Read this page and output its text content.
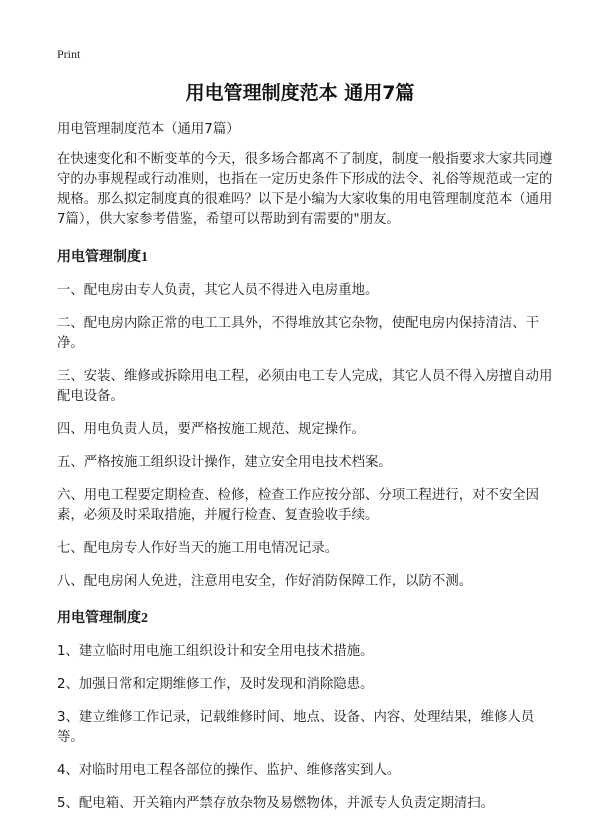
Print
用电管理制度范本 通用7篇

用电管理制度范本（通用7篇）

在快速变化和不断变革的今天，很多场合都离不了制度，制度一般指要求大家共同遵守的办事规程或行动准则，也指在一定历史条件下形成的法令、礼俗等规范或一定的规格。那么拟定制度真的很难吗？以下是小编为大家收集的用电管理制度范本（通用7篇），供大家参考借鉴，希望可以帮助到有需要的"朋友。

用电管理制度1

一、配电房由专人负责，其它人员不得进入电房重地。

二、配电房内除正常的电工工具外，不得堆放其它杂物，使配电房内保持清洁、干净。

三、安装、维修或拆除用电工程，必须由电工专人完成，其它人员不得入房擅自动用配电设备。

四、用电负责人员，要严格按施工规范、规定操作。

五、严格按施工组织设计操作，建立安全用电技术档案。

六、用电工程要定期检查、检修，检查工作应按分部、分项工程进行，对不安全因素，必须及时采取措施，并履行检查、复查验收手续。

七、配电房专人作好当天的施工用电情况记录。

八、配电房闲人免进，注意用电安全，作好消防保障工作，以防不测。

用电管理制度2

1、建立临时用电施工组织设计和安全用电技术措施。

2、加强日常和定期维修工作，及时发现和消除隐患。

3、建立维修工作记录，记载维修时间、地点、设备、内容、处理结果，维修人员等。

4、对临时用电工程各部位的操作、监护、维修落实到人。

5、配电箱、开关箱内严禁存放杂物及易燃物体，并派专人负责定期清扫。
